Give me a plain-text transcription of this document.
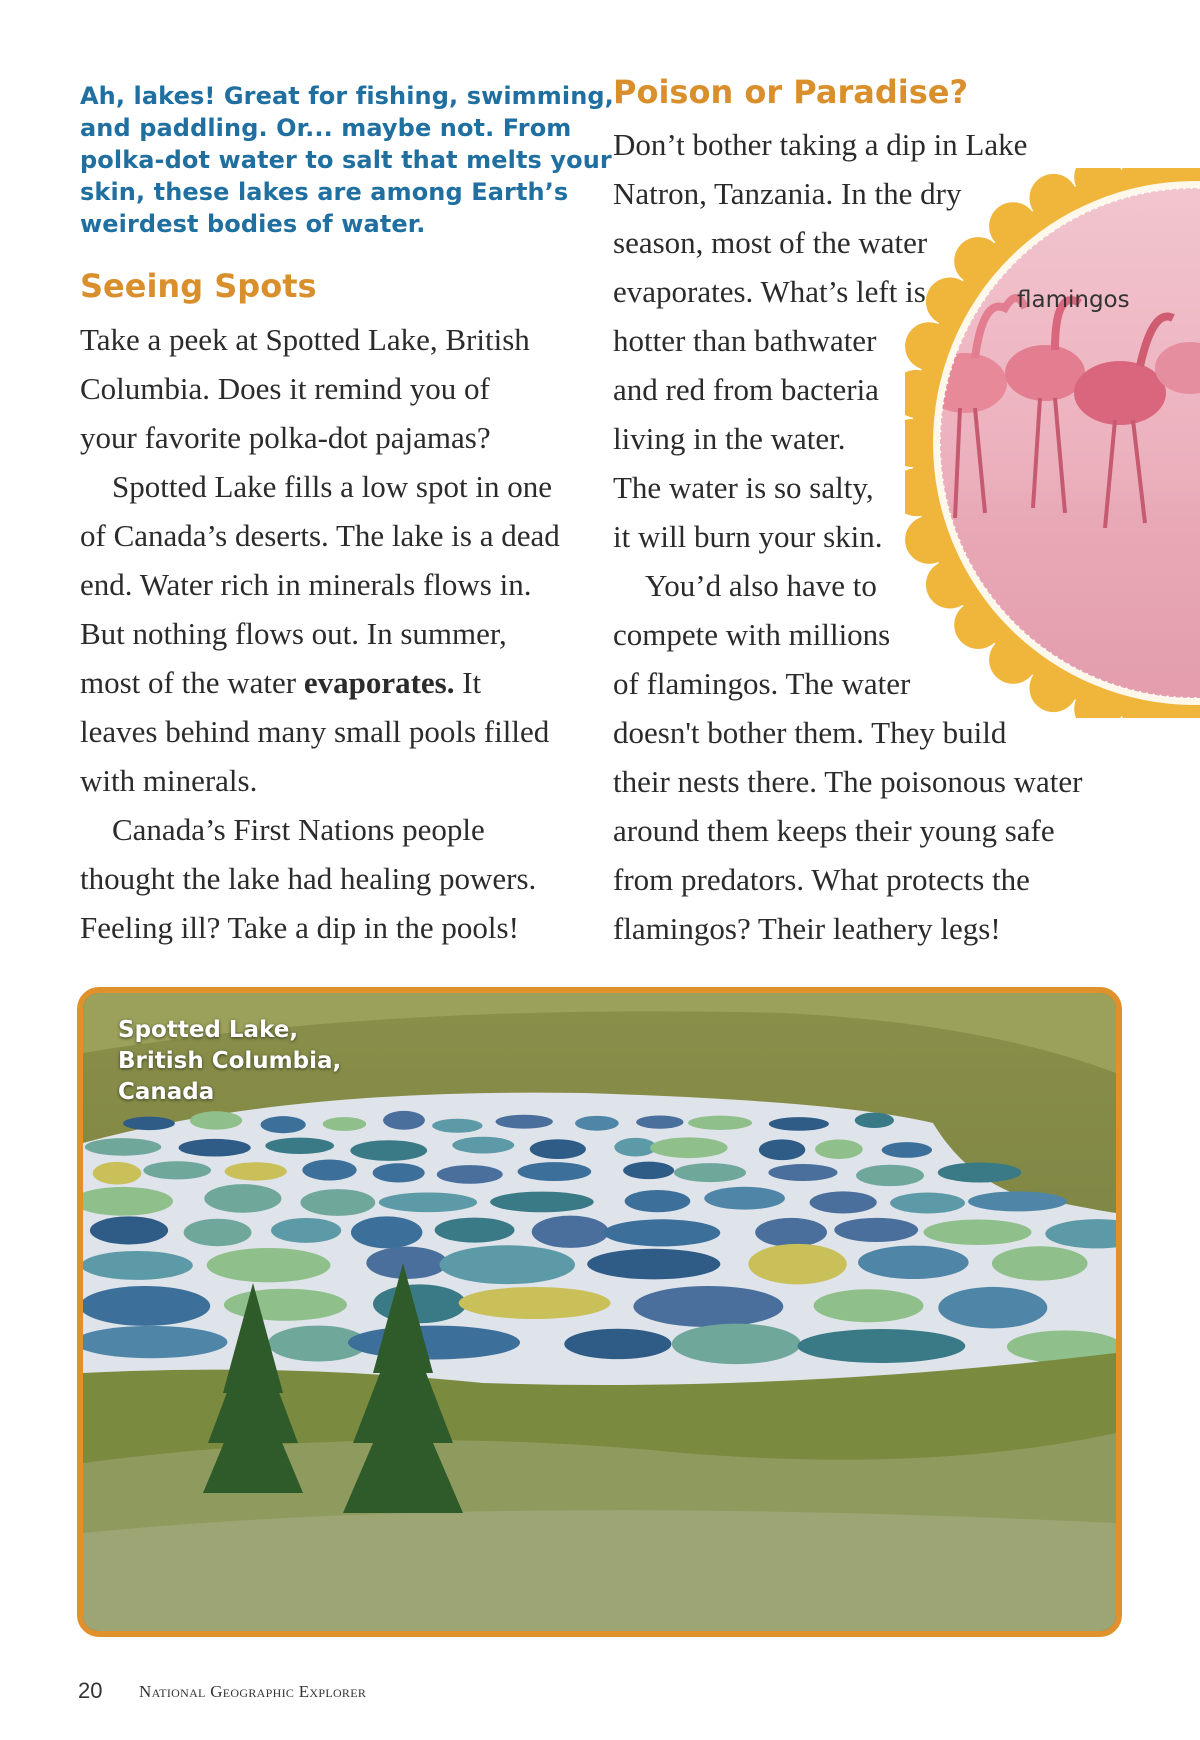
Ah, lakes! Great for fishing, swimming,
and paddling. Or... maybe not. From
polka-dot water to salt that melts your
skin, these lakes are among Earth’s
weirdest bodies of water.
Seeing Spots

Take a peek at Spotted Lake, British
Columbia. Does it remind you of
your favorite polka-dot pajamas?

Spotted Lake fills a low spot in one
of Canada’s deserts. The lake is a dead
end. Water rich in minerals flows in.
But nothing flows out. In summer,
most of the water evaporates. It
leaves behind many small pools filled
with minerals.

Canada’s First Nations people
thought the lake had healing powers.
Feeling ill? Take a dip in the pools!

Poison or Paradise?

Don’t bother taking a dip in Lake
Natron, Tanzania. In the dry
season, most of the water
evaporates. What’s left is
hotter than bathwater
and red from bacteria
living in the water.
The water is so salty,
it will burn your skin.

You’d also have to
compete with millions
of flamingos. The water
doesn't bother them. They build
their nests there. The poisonous water
around them keeps their young safe
from predators. What protects the
flamingos? Their leathery legs!

flamingos
Spotted Lake,
British Columbia,
Canada
20 National Geographic Explorer
